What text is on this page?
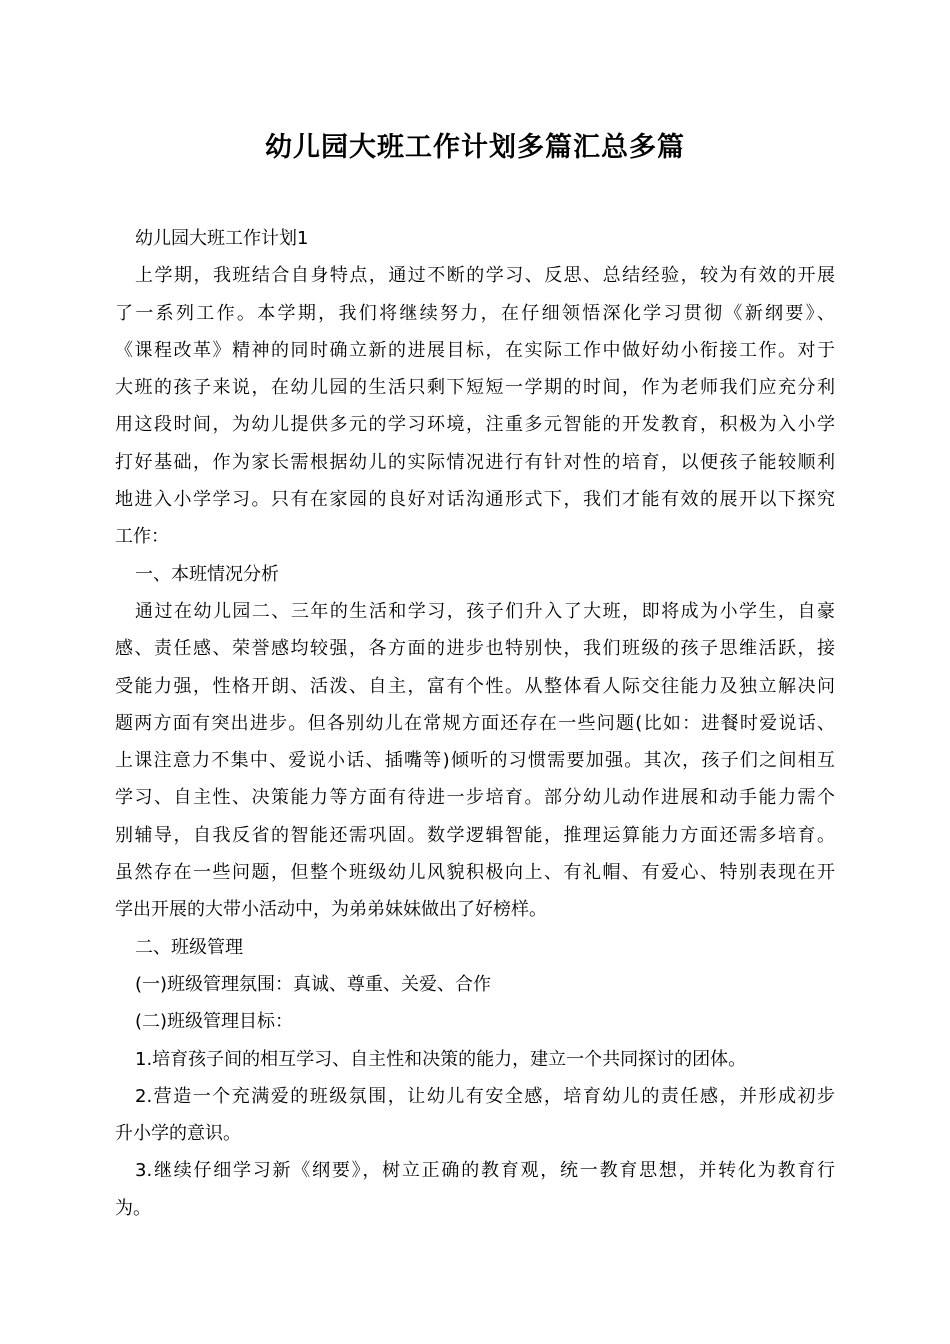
幼儿园大班工作计划多篇汇总多篇
幼儿园大班工作计划1
上学期，我班结合自身特点，通过不断的学习、反思、总结经验，较为有效的开展
了一系列工作。本学期，我们将继续努力，在仔细领悟深化学习贯彻《新纲要》、
《课程改革》精神的同时确立新的进展目标，在实际工作中做好幼小衔接工作。对于
大班的孩子来说，在幼儿园的生活只剩下短短一学期的时间，作为老师我们应充分利
用这段时间，为幼儿提供多元的学习环境，注重多元智能的开发教育，积极为入小学
打好基础，作为家长需根据幼儿的实际情况进行有针对性的培育，以便孩子能较顺利
地进入小学学习。只有在家园的良好对话沟通形式下，我们才能有效的展开以下探究
工作：
一、本班情况分析
通过在幼儿园二、三年的生活和学习，孩子们升入了大班，即将成为小学生，自豪
感、责任感、荣誉感均较强，各方面的进步也特别快，我们班级的孩子思维活跃，接
受能力强，性格开朗、活泼、自主，富有个性。从整体看人际交往能力及独立解决问
题两方面有突出进步。但各别幼儿在常规方面还存在一些问题(比如：进餐时爱说话、
上课注意力不集中、爱说小话、插嘴等)倾听的习惯需要加强。其次，孩子们之间相互
学习、自主性、决策能力等方面有待进一步培育。部分幼儿动作进展和动手能力需个
别辅导，自我反省的智能还需巩固。数学逻辑智能，推理运算能力方面还需多培育。
虽然存在一些问题，但整个班级幼儿风貌积极向上、有礼帽、有爱心、特别表现在开
学出开展的大带小活动中，为弟弟妹妹做出了好榜样。
二、班级管理
(一)班级管理氛围：真诚、尊重、关爱、合作
(二)班级管理目标：
1.培育孩子间的相互学习、自主性和决策的能力，建立一个共同探讨的团体。
2.营造一个充满爱的班级氛围，让幼儿有安全感，培育幼儿的责任感，并形成初步
升小学的意识。
3.继续仔细学习新《纲要》，树立正确的教育观，统一教育思想，并转化为教育行
为。
